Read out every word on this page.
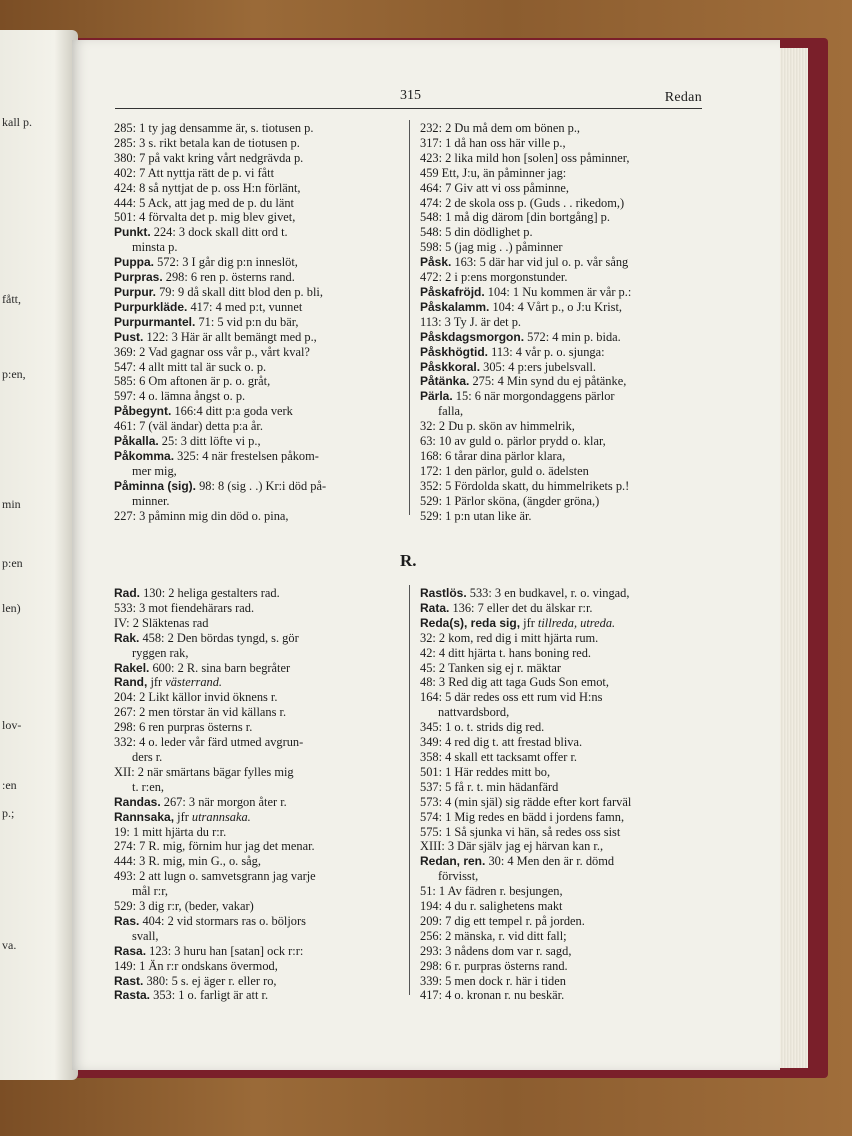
kall p.
fått,
p:en,
min
p:en
len)
lov-
:en
p.;
va.
315	Redan
285: 1 ty jag densamme är, s. tiotusen p.
285: 3 s. rikt betala kan de tiotusen p.
380: 7 på vakt kring vårt nedgrävda p.
402: 7 Att nyttja rätt de p. vi fått
424: 8 så nyttjat de p. oss H:n förlänt,
444: 5 Ack, att jag med de p. du länt
501: 4 förvalta det p. mig blev givet,
Punkt. 224: 3 dock skall ditt ord t.
minsta p.
Puppa. 572: 3 I går dig p:n inneslöt,
Purpras. 298: 6 ren p. österns rand.
Purpur. 79: 9 då skall ditt blod den p. bli,
Purpurkläde. 417: 4 med p:t, vunnet
Purpurmantel. 71: 5 vid p:n du bär,
Pust. 122: 3 Här är allt bemängt med p.,
369: 2 Vad gagnar oss vår p., vårt kval?
547: 4 allt mitt tal är suck o. p.
585: 6 Om aftonen är p. o. gråt,
597: 4 o. lämna ångst o. p.
Påbegynt. 166:4 ditt p:a goda verk
461: 7 (väl ändar) detta p:a år.
Påkalla. 25: 3 ditt löfte vi p.,
Påkomma. 325: 4 när frestelsen påkom-
mer mig,
Påminna (sig). 98: 8 (sig . .) Kr:i död på-
minner.
227: 3 påminn mig din död o. pina,
232: 2 Du må dem om bönen p.,
317: 1 då han oss här ville p.,
423: 2 lika mild hon [solen] oss påminner,
459 Ett, J:u, än påminner jag:
464: 7 Giv att vi oss påminne,
474: 2 de skola oss p. (Guds . . rikedom,)
548: 1 må dig därom [din bortgång] p.
548: 5 din dödlighet p.
598: 5 (jag mig . .) påminner
Påsk. 163: 5 där har vid jul o. p. vår sång
472: 2 i p:ens morgonstunder.
Påskafröjd. 104: 1 Nu kommen är vår p.:
Påskalamm. 104: 4 Vårt p., o J:u Krist,
113: 3 Ty J. är det p.
Påskdagsmorgon. 572: 4 min p. bida.
Påskhögtid. 113: 4 vår p. o. sjunga:
Påskkoral. 305: 4 p:ers jubelsvall.
Påtänka. 275: 4 Min synd du ej påtänke,
Pärla. 15: 6 när morgondaggens pärlor
falla,
32: 2 Du p. skön av himmelrik,
63: 10 av guld o. pärlor prydd o. klar,
168: 6 tårar dina pärlor klara,
172: 1 den pärlor, guld o. ädelsten
352: 5 Fördolda skatt, du himmelrikets p.!
529: 1 Pärlor sköna, (ängder gröna,)
529: 1 p:n utan like är.
R.
Rad. 130: 2 heliga gestalters rad.
533: 3 mot fiendehärars rad.
IV: 2 Släktenas rad
Rak. 458: 2 Den bördas tyngd, s. gör
ryggen rak,
Rakel. 600: 2 R. sina barn begråter
Rand, jfr västerrand.
204: 2 Likt källor invid öknens r.
267: 2 men törstar än vid källans r.
298: 6 ren purpras österns r.
332: 4 o. leder vår färd utmed avgrun-
ders r.
XII: 2 när smärtans bägar fylles mig
t. r:en,
Randas. 267: 3 när morgon åter r.
Rannsaka, jfr utrannsaka.
19: 1 mitt hjärta du r:r.
274: 7 R. mig, förnim hur jag det menar.
444: 3 R. mig, min G., o. såg,
493: 2 att lugn o. samvetsgrann jag varje
mål r:r,
529: 3 dig r:r, (beder, vakar)
Ras. 404: 2 vid stormars ras o. böljors
svall,
Rasa. 123: 3 huru han [satan] ock r:r:
149: 1 Än r:r ondskans övermod,
Rast. 380: 5 s. ej äger r. eller ro,
Rasta. 353: 1 o. farligt är att r.
Rastlös. 533: 3 en budkavel, r. o. vingad,
Rata. 136: 7 eller det du älskar r:r.
Reda(s), reda sig, jfr tillreda, utreda.
32: 2 kom, red dig i mitt hjärta rum.
42: 4 ditt hjärta t. hans boning red.
45: 2 Tanken sig ej r. mäktar
48: 3 Red dig att taga Guds Son emot,
164: 5 där redes oss ett rum vid H:ns
nattvardsbord,
345: 1 o. t. strids dig red.
349: 4 red dig t. att frestad bliva.
358: 4 skall ett tacksamt offer r.
501: 1 Här reddes mitt bo,
537: 5 få r. t. min hädanfärd
573: 4 (min själ) sig rädde efter kort farväl
574: 1 Mig redes en bädd i jordens famn,
575: 1 Så sjunka vi hän, så redes oss sist
XIII: 3 Där själv jag ej härvan kan r.,
Redan, ren. 30: 4 Men den är r. dömd
förvisst,
51: 1 Av fädren r. besjungen,
194: 4 du r. salighetens makt
209: 7 dig ett tempel r. på jorden.
256: 2 mänska, r. vid ditt fall;
293: 3 nådens dom var r. sagd,
298: 6 r. purpras österns rand.
339: 5 men dock r. här i tiden
417: 4 o. kronan r. nu beskär.
